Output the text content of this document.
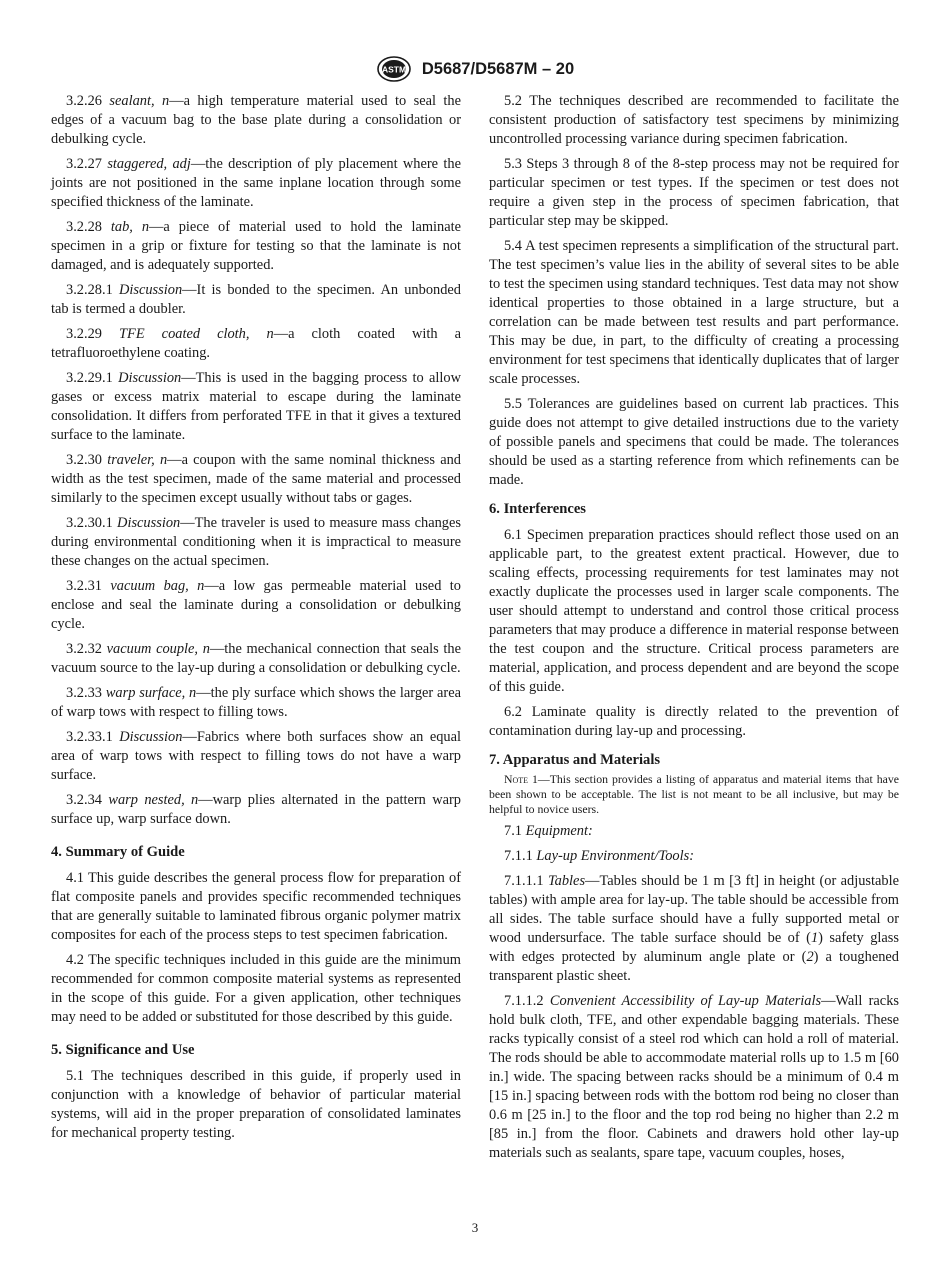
ASTM D5687/D5687M – 20

3.2.26 sealant, n—a high temperature material used to seal the edges of a vacuum bag to the base plate during a consolidation or debulking cycle.

3.2.27 staggered, adj—the description of ply placement where the joints are not positioned in the same inplane location through some specified thickness of the laminate.

3.2.28 tab, n—a piece of material used to hold the laminate specimen in a grip or fixture for testing so that the laminate is not damaged, and is adequately supported.

3.2.28.1 Discussion—It is bonded to the specimen. An unbonded tab is termed a doubler.

3.2.29 TFE coated cloth, n—a cloth coated with a tetrafluoroethylene coating.

3.2.29.1 Discussion—This is used in the bagging process to allow gases or excess matrix material to escape during the laminate consolidation. It differs from perforated TFE in that it gives a textured surface to the laminate.

3.2.30 traveler, n—a coupon with the same nominal thickness and width as the test specimen, made of the same material and processed similarly to the specimen except usually without tabs or gages.

3.2.30.1 Discussion—The traveler is used to measure mass changes during environmental conditioning when it is impractical to measure these changes on the actual specimen.

3.2.31 vacuum bag, n—a low gas permeable material used to enclose and seal the laminate during a consolidation or debulking cycle.

3.2.32 vacuum couple, n—the mechanical connection that seals the vacuum source to the lay-up during a consolidation or debulking cycle.

3.2.33 warp surface, n—the ply surface which shows the larger area of warp tows with respect to filling tows.

3.2.33.1 Discussion—Fabrics where both surfaces show an equal area of warp tows with respect to filling tows do not have a warp surface.

3.2.34 warp nested, n—warp plies alternated in the pattern warp surface up, warp surface down.

4. Summary of Guide

4.1 This guide describes the general process flow for preparation of flat composite panels and provides specific recommended techniques that are generally suitable to laminated fibrous organic polymer matrix composites for each of the process steps to test specimen fabrication.

4.2 The specific techniques included in this guide are the minimum recommended for common composite material systems as represented in the scope of this guide. For a given application, other techniques may need to be added or substituted for those described by this guide.

5. Significance and Use

5.1 The techniques described in this guide, if properly used in conjunction with a knowledge of behavior of particular material systems, will aid in the proper preparation of consolidated laminates for mechanical property testing.

5.2 The techniques described are recommended to facilitate the consistent production of satisfactory test specimens by minimizing uncontrolled processing variance during specimen fabrication.

5.3 Steps 3 through 8 of the 8-step process may not be required for particular specimen or test types. If the specimen or test does not require a given step in the process of specimen fabrication, that particular step may be skipped.

5.4 A test specimen represents a simplification of the structural part. The test specimen’s value lies in the ability of several sites to be able to test the specimen using standard techniques. Test data may not show identical properties to those obtained in a large structure, but a correlation can be made between test results and part performance. This may be due, in part, to the difficulty of creating a processing environment for test specimens that identically duplicates that of larger scale processes.

5.5 Tolerances are guidelines based on current lab practices. This guide does not attempt to give detailed instructions due to the variety of possible panels and specimens that could be made. The tolerances should be used as a starting reference from which refinements can be made.

6. Interferences

6.1 Specimen preparation practices should reflect those used on an applicable part, to the greatest extent practical. However, due to scaling effects, processing requirements for test laminates may not exactly duplicate the processes used in larger scale components. The user should attempt to understand and control those critical process parameters that may produce a difference in material response between the test coupon and the structure. Critical process parameters are material, application, and process dependent and are beyond the scope of this guide.

6.2 Laminate quality is directly related to the prevention of contamination during lay-up and processing.

7. Apparatus and Materials

Note 1—This section provides a listing of apparatus and material items that have been shown to be acceptable. The list is not meant to be all inclusive, but may be helpful to novice users.

7.1 Equipment:

7.1.1 Lay-up Environment/Tools:

7.1.1.1 Tables—Tables should be 1 m [3 ft] in height (or adjustable tables) with ample area for lay-up. The table should be accessible from all sides. The table surface should have a fully supported metal or wood undersurface. The table surface should be of (1) safety glass with edges protected by aluminum angle plate or (2) a toughened transparent plastic sheet.

7.1.1.2 Convenient Accessibility of Lay-up Materials—Wall racks hold bulk cloth, TFE, and other expendable bagging materials. These racks typically consist of a steel rod which can hold a roll of material. The rods should be able to accommodate material rolls up to 1.5 m [60 in.] wide. The spacing between racks should be a minimum of 0.4 m [15 in.] spacing between rods with the bottom rod being no closer than 0.6 m [25 in.] to the floor and the top rod being no higher than 2.2 m [85 in.] from the floor. Cabinets and drawers hold other lay-up materials such as sealants, spare tape, vacuum couples, hoses,

3
